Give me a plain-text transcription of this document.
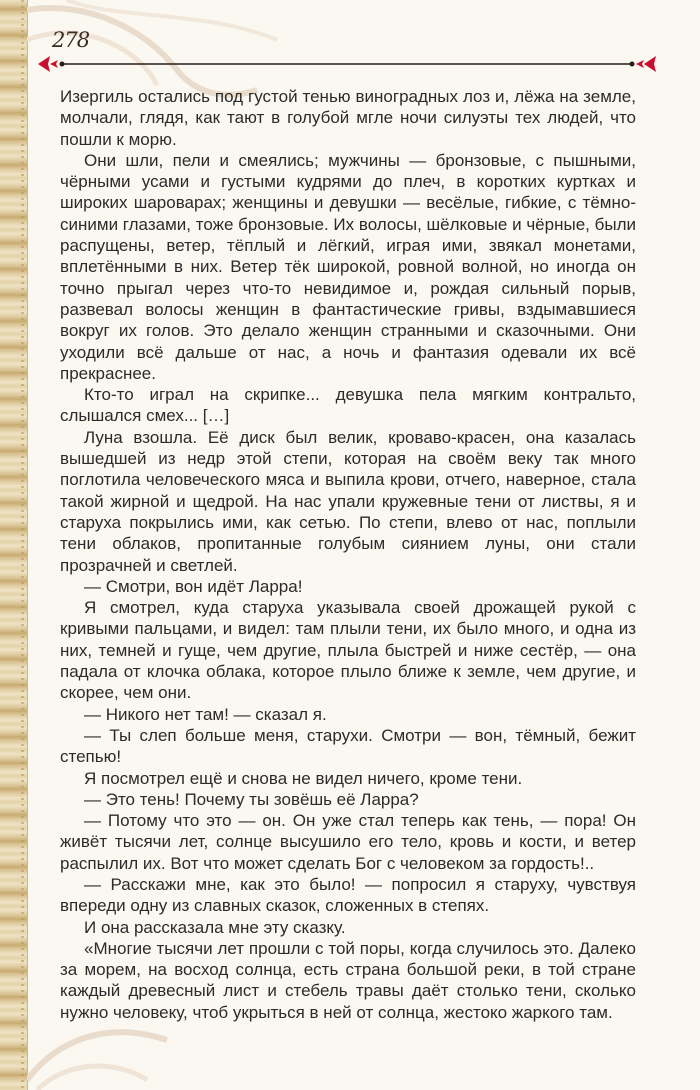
278

Изергиль остались под густой тенью виноградных лоз и, лёжа на земле, молчали, глядя, как тают в голубой мгле ночи силуэты тех людей, что пошли к морю.

Они шли, пели и смеялись; мужчины — бронзовые, с пышными, чёрными усами и густыми кудрями до плеч, в коротких куртках и широких шароварах; женщины и девушки — весёлые, гибкие, с тёмно-синими глазами, тоже бронзовые. Их волосы, шёлковые и чёрные, были распущены, ветер, тёплый и лёгкий, играя ими, звякал монетами, вплетёнными в них. Ветер тёк широкой, ровной волной, но иногда он точно прыгал через что-то невидимое и, рождая сильный порыв, развевал волосы женщин в фантастические гривы, вздымавшиеся вокруг их голов. Это делало женщин странными и сказочными. Они уходили всё дальше от нас, а ночь и фантазия одевали их всё прекраснее.

Кто-то играл на скрипке... девушка пела мягким контральто, слышался смех... […]

Луна взошла. Её диск был велик, кроваво-красен, она казалась вышедшей из недр этой степи, которая на своём веку так много поглотила человеческого мяса и выпила крови, отчего, наверное, стала такой жирной и щедрой. На нас упали кружевные тени от листвы, я и старуха покрылись ими, как сетью. По степи, влево от нас, поплыли тени облаков, пропитанные голубым сиянием луны, они стали прозрачней и светлей.

— Смотри, вон идёт Ларра!

Я смотрел, куда старуха указывала своей дрожащей рукой с кривыми пальцами, и видел: там плыли тени, их было много, и одна из них, темней и гуще, чем другие, плыла быстрей и ниже сестёр, — она падала от клочка облака, которое плыло ближе к земле, чем другие, и скорее, чем они.

— Никого нет там! — сказал я.

— Ты слеп больше меня, старухи. Смотри — вон, тёмный, бежит степью!

Я посмотрел ещё и снова не видел ничего, кроме тени.

— Это тень! Почему ты зовёшь её Ларра?

— Потому что это — он. Он уже стал теперь как тень, — пора! Он живёт тысячи лет, солнце высушило его тело, кровь и кости, и ветер распылил их. Вот что может сделать Бог с человеком за гордость!..

— Расскажи мне, как это было! — попросил я старуху, чувствуя впереди одну из славных сказок, сложенных в степях.

И она рассказала мне эту сказку.

«Многие тысячи лет прошли с той поры, когда случилось это. Далеко за морем, на восход солнца, есть страна большой реки, в той стране каждый древесный лист и стебель травы даёт столько тени, сколько нужно человеку, чтоб укрыться в ней от солнца, жестоко жаркого там.
